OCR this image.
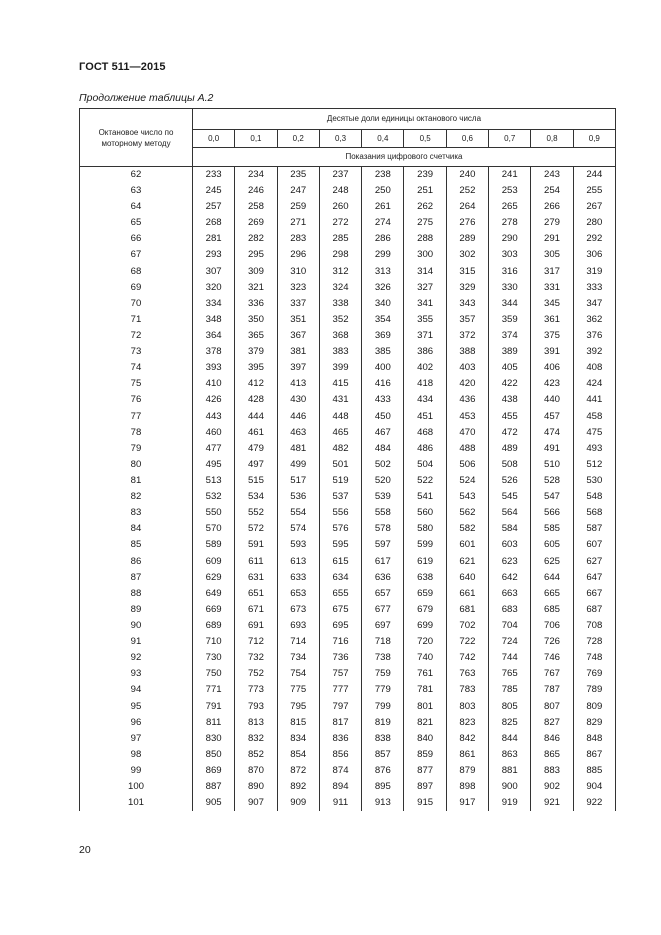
ГОСТ 511—2015
Продолжение таблицы А.2
Октановое число по моторному методу	Десятые доли единицы октанового числа									
	0,0	0,1	0,2	0,3	0,4	0,5	0,6	0,7	0,8	0,9
	Показания цифрового счетчика									
62	233	234	235	237	238	239	240	241	243	244
63	245	246	247	248	250	251	252	253	254	255
64	257	258	259	260	261	262	264	265	266	267
65	268	269	271	272	274	275	276	278	279	280
66	281	282	283	285	286	288	289	290	291	292
67	293	295	296	298	299	300	302	303	305	306
68	307	309	310	312	313	314	315	316	317	319
69	320	321	323	324	326	327	329	330	331	333
70	334	336	337	338	340	341	343	344	345	347
71	348	350	351	352	354	355	357	359	361	362
72	364	365	367	368	369	371	372	374	375	376
73	378	379	381	383	385	386	388	389	391	392
74	393	395	397	399	400	402	403	405	406	408
75	410	412	413	415	416	418	420	422	423	424
76	426	428	430	431	433	434	436	438	440	441
77	443	444	446	448	450	451	453	455	457	458
78	460	461	463	465	467	468	470	472	474	475
79	477	479	481	482	484	486	488	489	491	493
80	495	497	499	501	502	504	506	508	510	512
81	513	515	517	519	520	522	524	526	528	530
82	532	534	536	537	539	541	543	545	547	548
83	550	552	554	556	558	560	562	564	566	568
84	570	572	574	576	578	580	582	584	585	587
85	589	591	593	595	597	599	601	603	605	607
86	609	611	613	615	617	619	621	623	625	627
87	629	631	633	634	636	638	640	642	644	647
88	649	651	653	655	657	659	661	663	665	667
89	669	671	673	675	677	679	681	683	685	687
90	689	691	693	695	697	699	702	704	706	708
91	710	712	714	716	718	720	722	724	726	728
92	730	732	734	736	738	740	742	744	746	748
93	750	752	754	757	759	761	763	765	767	769
94	771	773	775	777	779	781	783	785	787	789
95	791	793	795	797	799	801	803	805	807	809
96	811	813	815	817	819	821	823	825	827	829
97	830	832	834	836	838	840	842	844	846	848
98	850	852	854	856	857	859	861	863	865	867
99	869	870	872	874	876	877	879	881	883	885
100	887	890	892	894	895	897	898	900	902	904
101	905	907	909	911	913	915	917	919	921	922
20
